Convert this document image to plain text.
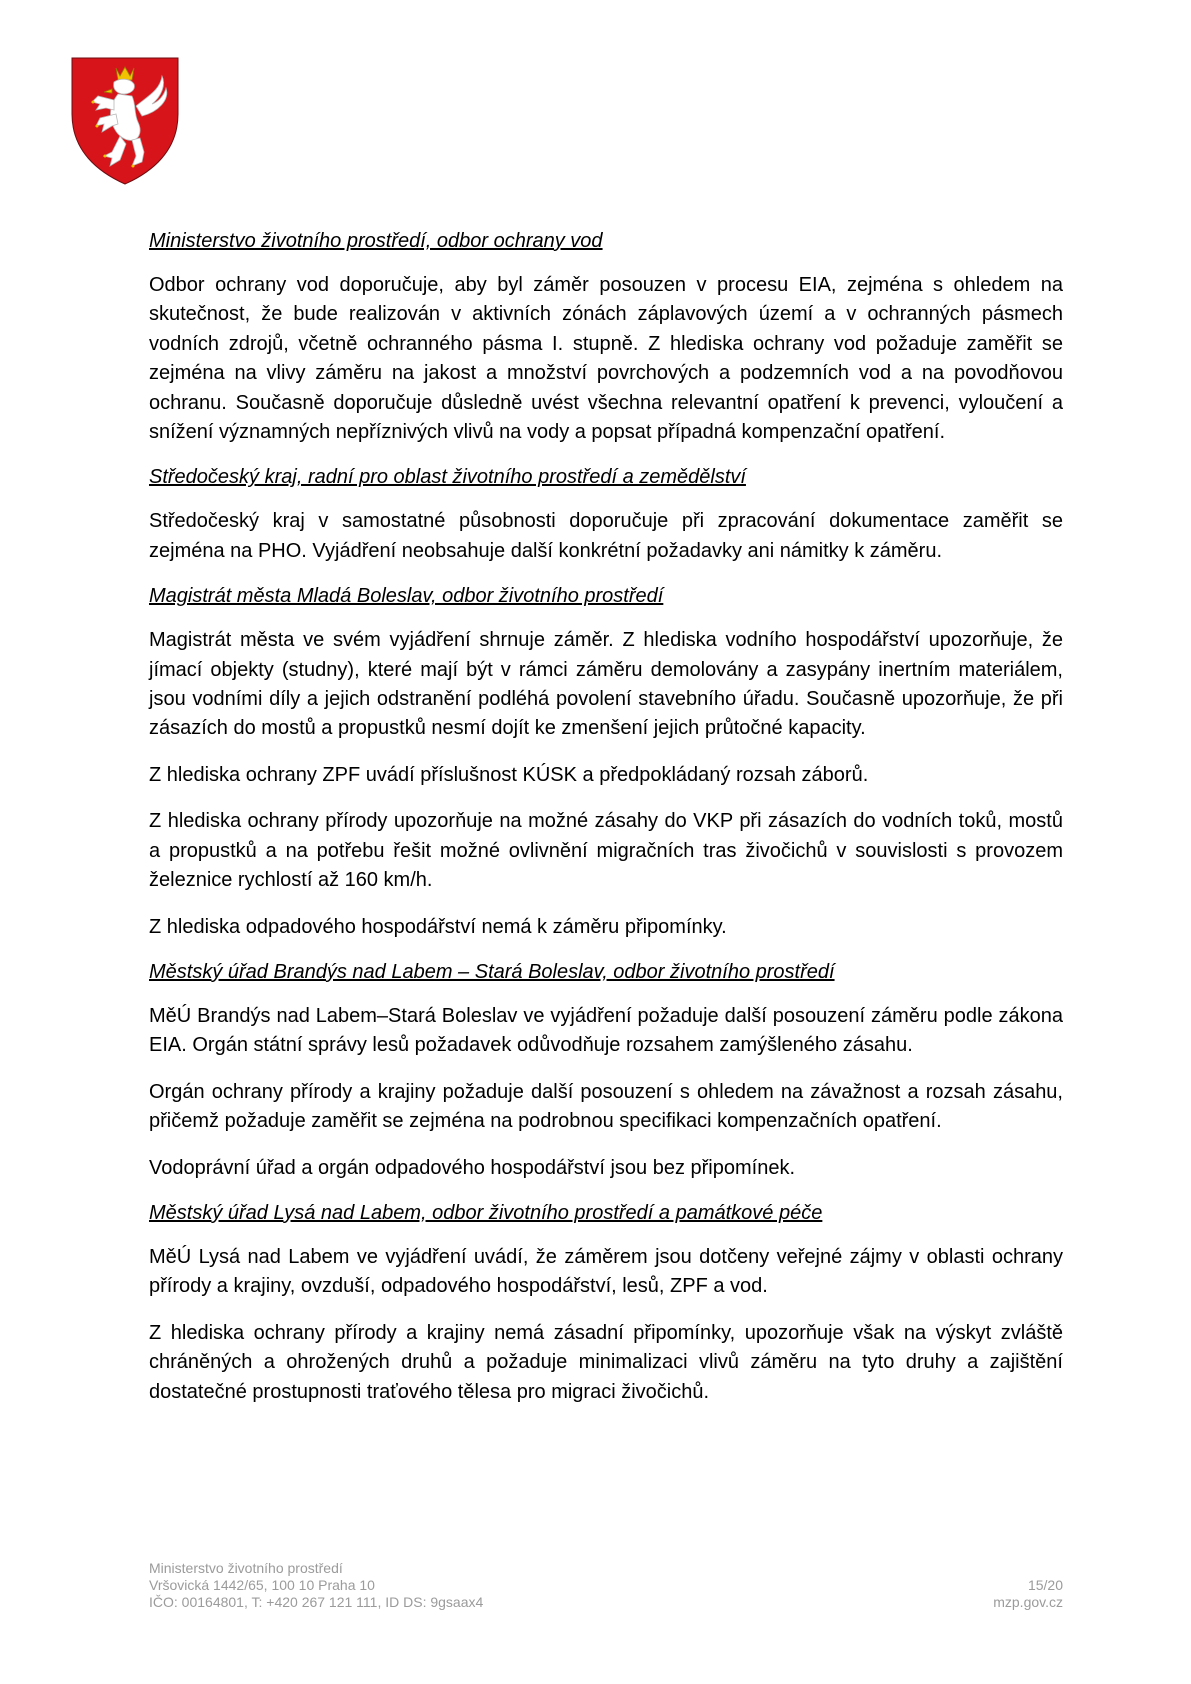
Ministerstvo životního prostředí, odbor ochrany vod

Odbor ochrany vod doporučuje, aby byl záměr posouzen v procesu EIA, zejména s ohledem na skutečnost, že bude realizován v aktivních zónách záplavových území a v ochranných pásmech vodních zdrojů, včetně ochranného pásma I. stupně. Z hlediska ochrany vod požaduje zaměřit se zejména na vlivy záměru na jakost a množství povrchových a podzemních vod a na povodňovou ochranu. Současně doporučuje důsledně uvést všechna relevantní opatření k prevenci, vyloučení a snížení významných nepříznivých vlivů na vody a popsat případná kompenzační opatření.

Středočeský kraj, radní pro oblast životního prostředí a zemědělství

Středočeský kraj v samostatné působnosti doporučuje při zpracování dokumentace zaměřit se zejména na PHO. Vyjádření neobsahuje další konkrétní požadavky ani námitky k záměru.

Magistrát města Mladá Boleslav, odbor životního prostředí

Magistrát města ve svém vyjádření shrnuje záměr. Z hlediska vodního hospodářství upozorňuje, že jímací objekty (studny), které mají být v rámci záměru demolovány a zasypány inertním materiálem, jsou vodními díly a jejich odstranění podléhá povolení stavebního úřadu. Současně upozorňuje, že při zásazích do mostů a propustků nesmí dojít ke zmenšení jejich průtočné kapacity.

Z hlediska ochrany ZPF uvádí příslušnost KÚSK a předpokládaný rozsah záborů.

Z hlediska ochrany přírody upozorňuje na možné zásahy do VKP při zásazích do vodních toků, mostů a propustků a na potřebu řešit možné ovlivnění migračních tras živočichů v souvislosti s provozem železnice rychlostí až 160 km/h.

Z hlediska odpadového hospodářství nemá k záměru připomínky.

Městský úřad Brandýs nad Labem – Stará Boleslav, odbor životního prostředí

MěÚ Brandýs nad Labem–Stará Boleslav ve vyjádření požaduje další posouzení záměru podle zákona EIA. Orgán státní správy lesů požadavek odůvodňuje rozsahem zamýšleného zásahu.

Orgán ochrany přírody a krajiny požaduje další posouzení s ohledem na závažnost a rozsah zásahu, přičemž požaduje zaměřit se zejména na podrobnou specifikaci kompenzačních opatření.

Vodoprávní úřad a orgán odpadového hospodářství jsou bez připomínek.

Městský úřad Lysá nad Labem, odbor životního prostředí a památkové péče

MěÚ Lysá nad Labem ve vyjádření uvádí, že záměrem jsou dotčeny veřejné zájmy v oblasti ochrany přírody a krajiny, ovzduší, odpadového hospodářství, lesů, ZPF a vod.

Z hlediska ochrany přírody a krajiny nemá zásadní připomínky, upozorňuje však na výskyt zvláště chráněných a ohrožených druhů a požaduje minimalizaci vlivů záměru na tyto druhy a zajištění dostatečné prostupnosti traťového tělesa pro migraci živočichů.

Ministerstvo životního prostředí
Vršovická 1442/65, 100 10 Praha 10
IČO: 00164801, T: +420 267 121 111, ID DS: 9gsaax4
15/20
mzp.gov.cz
